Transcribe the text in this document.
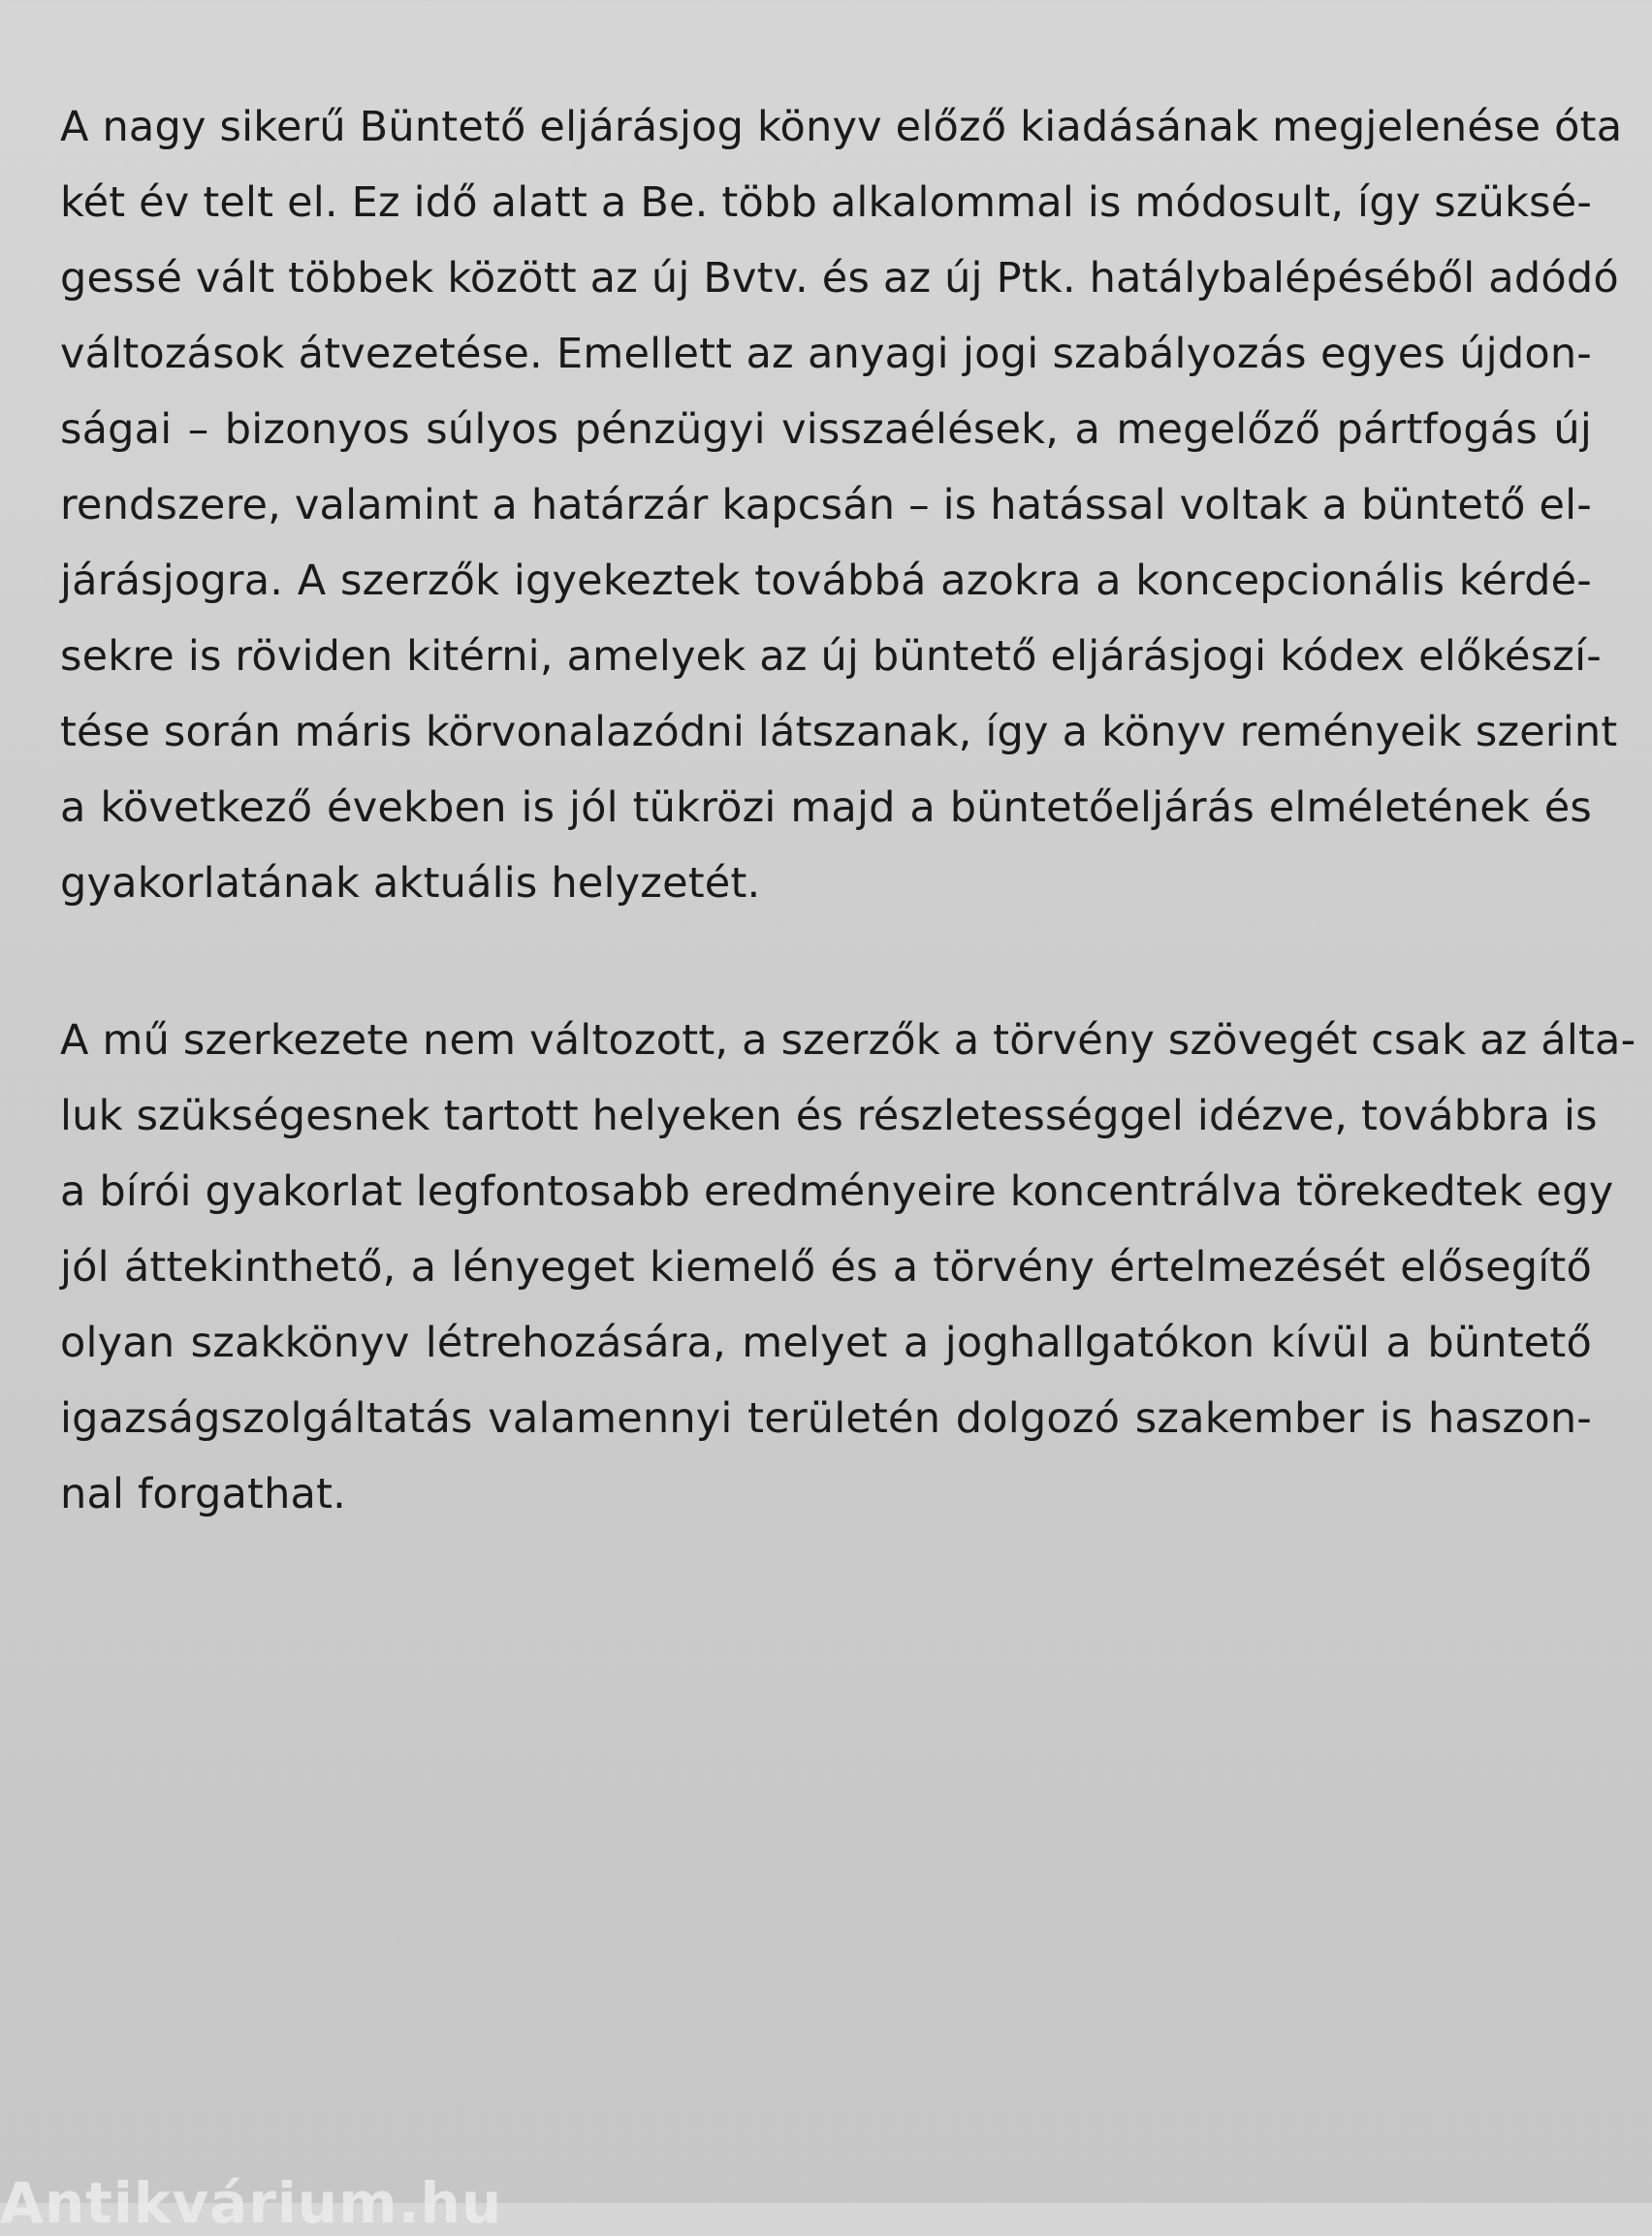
A nagy sikerű Büntető eljárásjog könyv előző kiadásának megjelenése óta
két év telt el. Ez idő alatt a Be. több alkalommal is módosult, így szüksé-
gessé vált többek között az új Bvtv. és az új Ptk. hatálybalépéséből adódó
változások átvezetése. Emellett az anyagi jogi szabályozás egyes újdon-
ságai – bizonyos súlyos pénzügyi visszaélések, a megelőző pártfogás új
rendszere, valamint a határzár kapcsán – is hatással voltak a büntető el-
járásjogra. A szerzők igyekeztek továbbá azokra a koncepcionális kérdé-
sekre is röviden kitérni, amelyek az új büntető eljárásjogi kódex előkészí-
tése során máris körvonalazódni látszanak, így a könyv reményeik szerint
a következő években is jól tükrözi majd a büntetőeljárás elméletének és
gyakorlatának aktuális helyzetét.
A mű szerkezete nem változott, a szerzők a törvény szövegét csak az álta-
luk szükségesnek tartott helyeken és részletességgel idézve, továbbra is
a bírói gyakorlat legfontosabb eredményeire koncentrálva törekedtek egy
jól áttekinthető, a lényeget kiemelő és a törvény értelmezését elősegítő
olyan szakkönyv létrehozására, melyet a joghallgatókon kívül a büntető
igazságszolgáltatás valamennyi területén dolgozó szakember is haszon-
nal forgathat.
Antikvárium.hu
